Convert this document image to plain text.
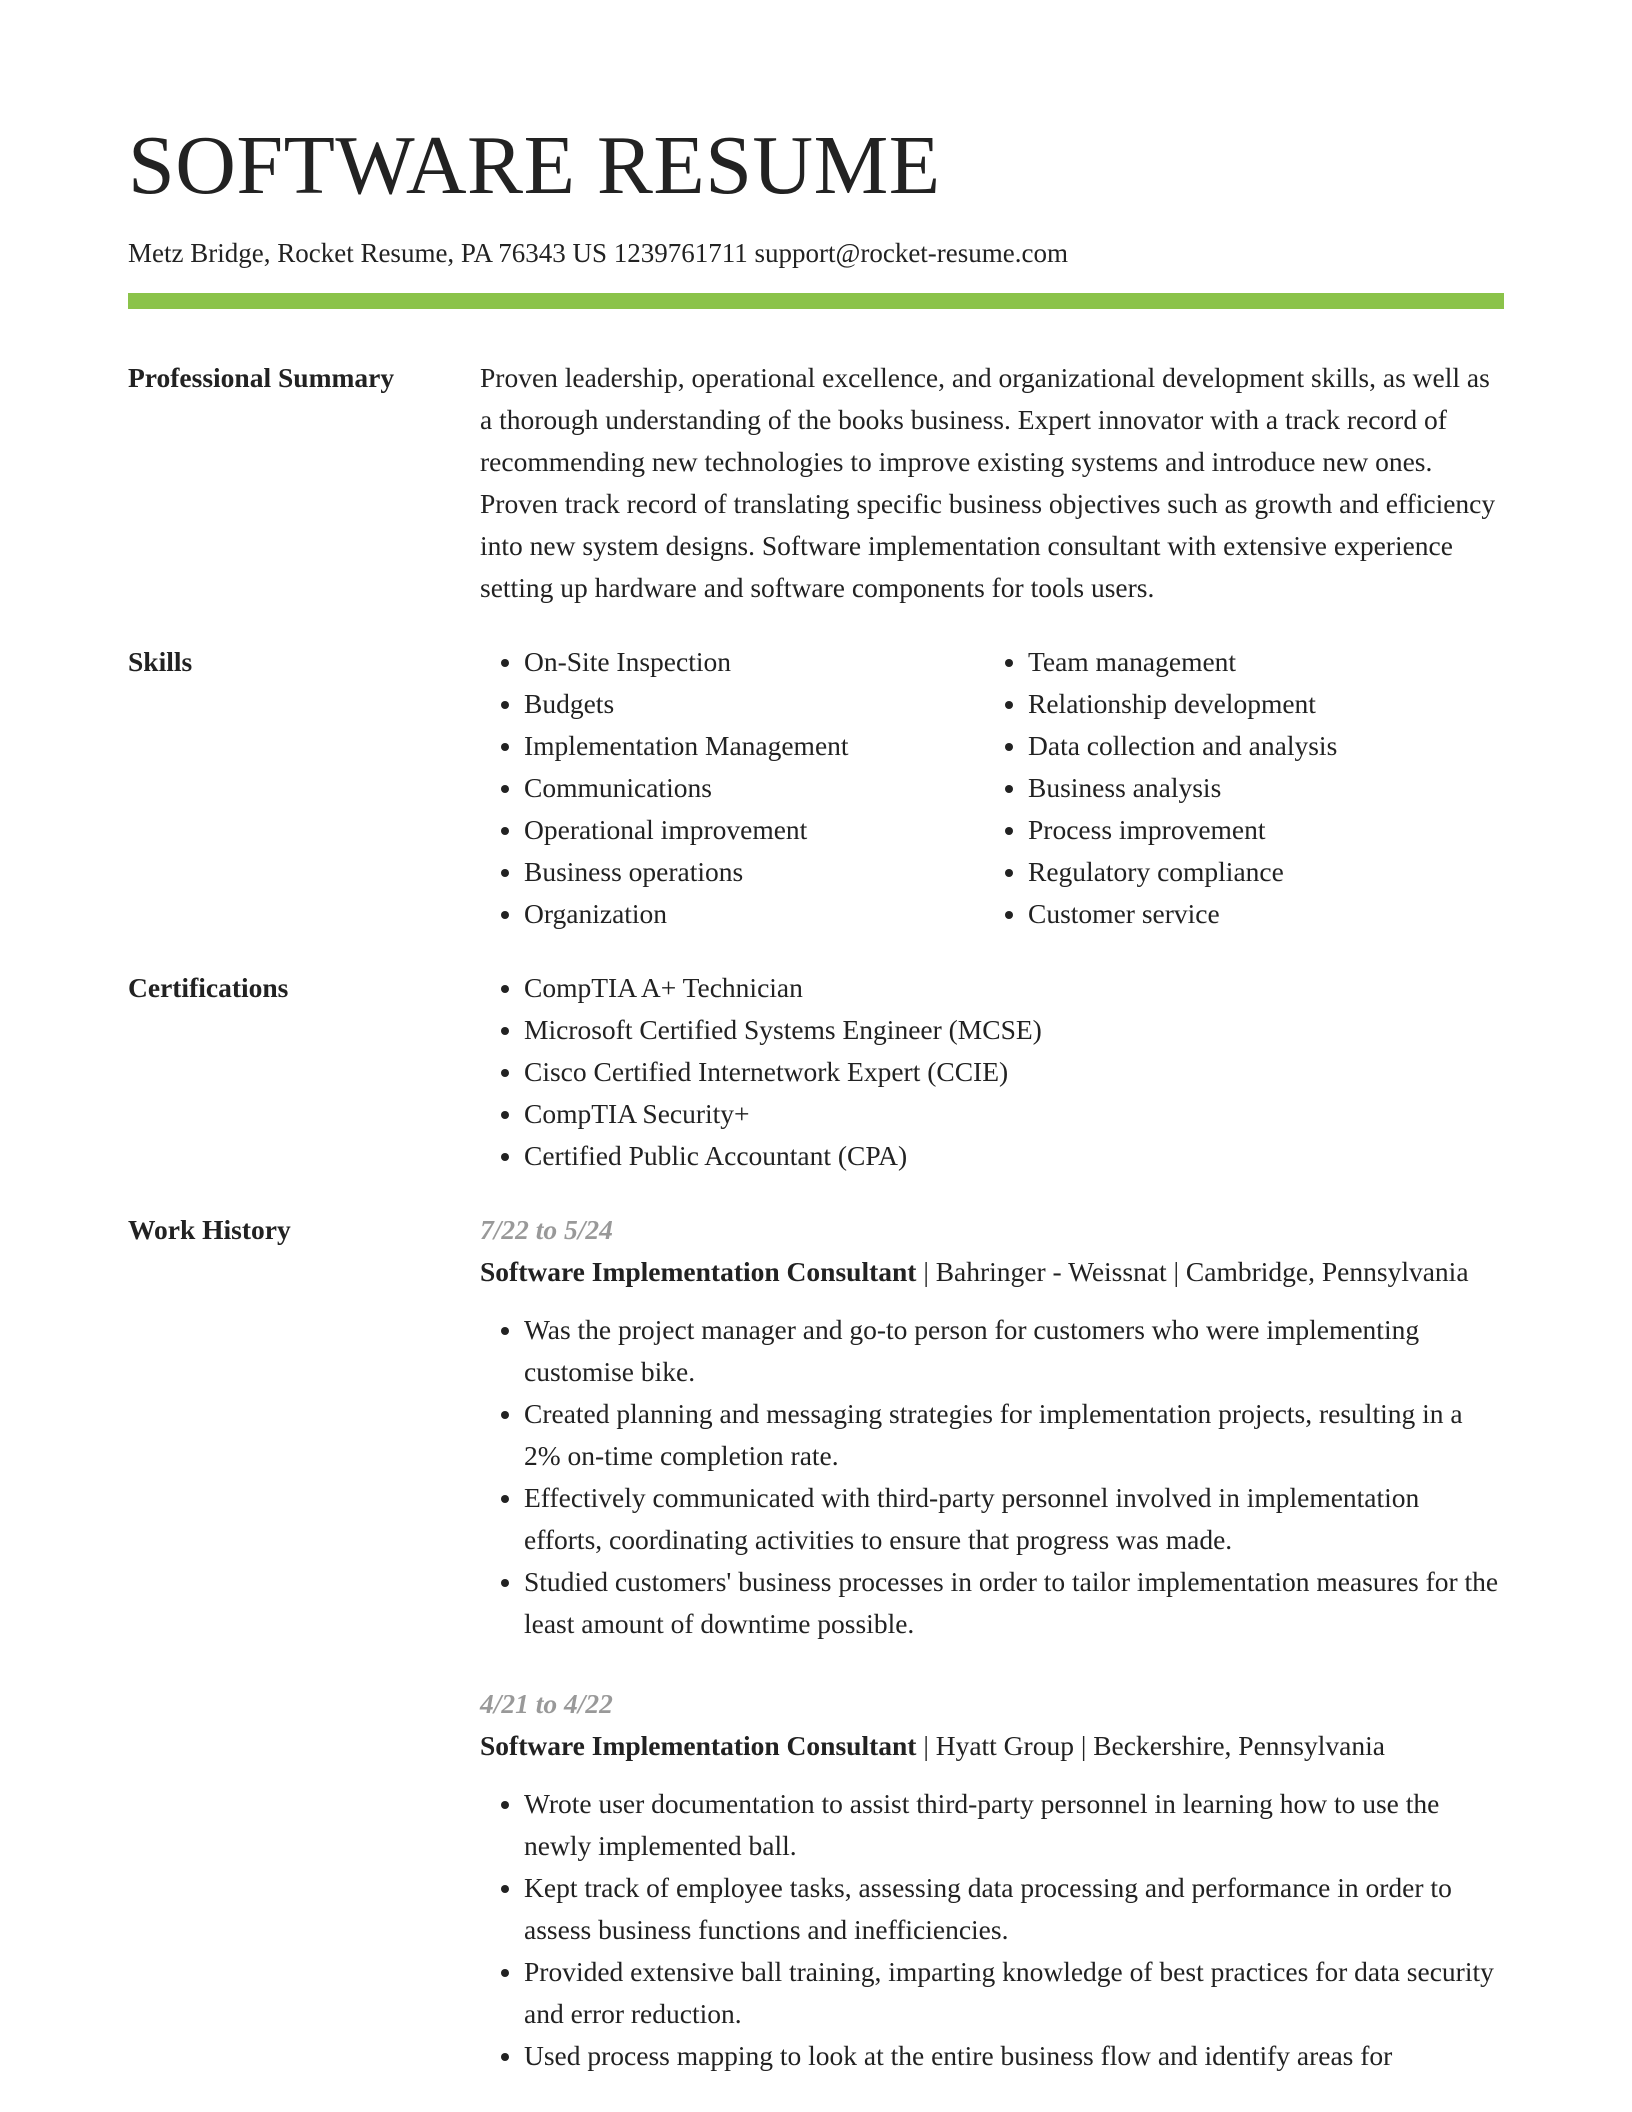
SOFTWARE RESUME
Metz Bridge, Rocket Resume, PA 76343 US 1239761711 support@rocket-resume.com
Professional Summary	Proven leadership, operational excellence, and organizational development skills, as well as a thorough understanding of the books business. Expert innovator with a track record of recommending new technologies to improve existing systems and introduce new ones. Proven track record of translating specific business objectives such as growth and efficiency into new system designs. Software implementation consultant with extensive experience setting up hardware and software components for tools users.
Skills	• On-Site Inspection
• Budgets
• Implementation Management
• Communications
• Operational improvement
• Business operations
• Organization
• Team management
• Relationship development
• Data collection and analysis
• Business analysis
• Process improvement
• Regulatory compliance
• Customer service
Certifications	• CompTIA A+ Technician
• Microsoft Certified Systems Engineer (MCSE)
• Cisco Certified Internetwork Expert (CCIE)
• CompTIA Security+
• Certified Public Accountant (CPA)
Work History	7/22 to 5/24
Software Implementation Consultant | Bahringer - Weissnat | Cambridge, Pennsylvania
• Was the project manager and go-to person for customers who were implementing customise bike.
• Created planning and messaging strategies for implementation projects, resulting in a 2% on-time completion rate.
• Effectively communicated with third-party personnel involved in implementation efforts, coordinating activities to ensure that progress was made.
• Studied customers' business processes in order to tailor implementation measures for the least amount of downtime possible.
4/21 to 4/22
Software Implementation Consultant | Hyatt Group | Beckershire, Pennsylvania
• Wrote user documentation to assist third-party personnel in learning how to use the newly implemented ball.
• Kept track of employee tasks, assessing data processing and performance in order to assess business functions and inefficiencies.
• Provided extensive ball training, imparting knowledge of best practices for data security and error reduction.
• Used process mapping to look at the entire business flow and identify areas for
